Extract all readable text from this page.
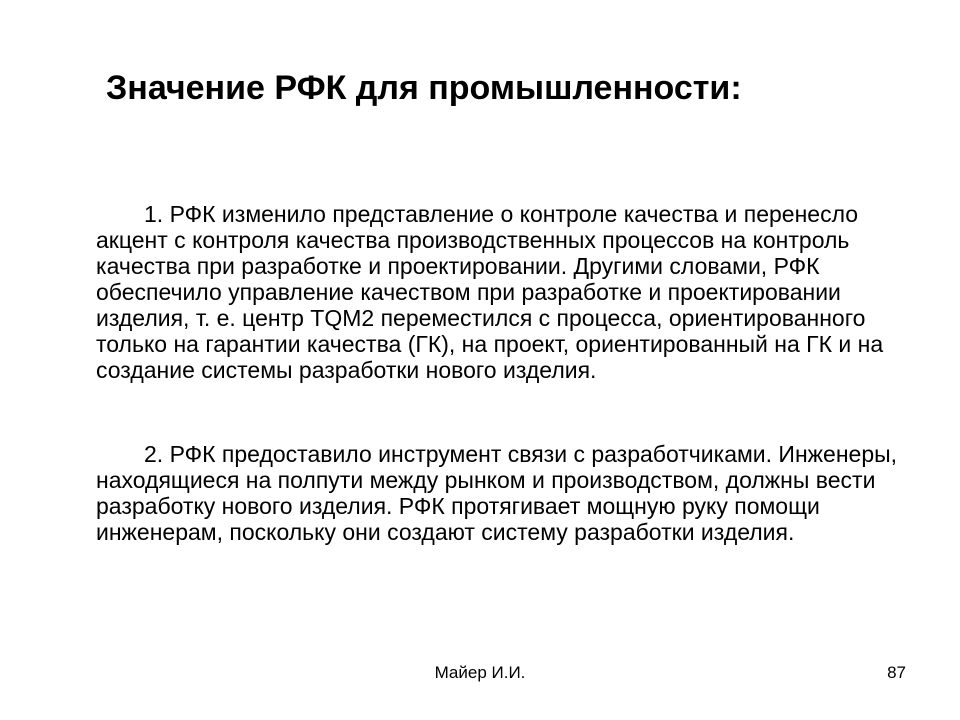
Значение РФК для промышленности:
1. РФК изменило представление о контроле качества и перенесло акцент с контроля качества производственных процессов на контроль качества при разработке и проектировании. Другими словами, РФК обеспечило управление качеством при разработке и проектировании изделия, т. е. центр TQM2 переместился с процесса, ориентированного только на гарантии качества (ГК), на проект, ориентированный на ГК и на создание системы разработки нового изделия.
2. РФК предоставило инструмент связи с разработчиками. Инженеры, находящиеся на полпути между рынком и производством, должны вести разработку нового изделия. РФК протягивает мощную руку помощи инженерам, поскольку они создают систему разработки изделия.
Майер И.И.	87
